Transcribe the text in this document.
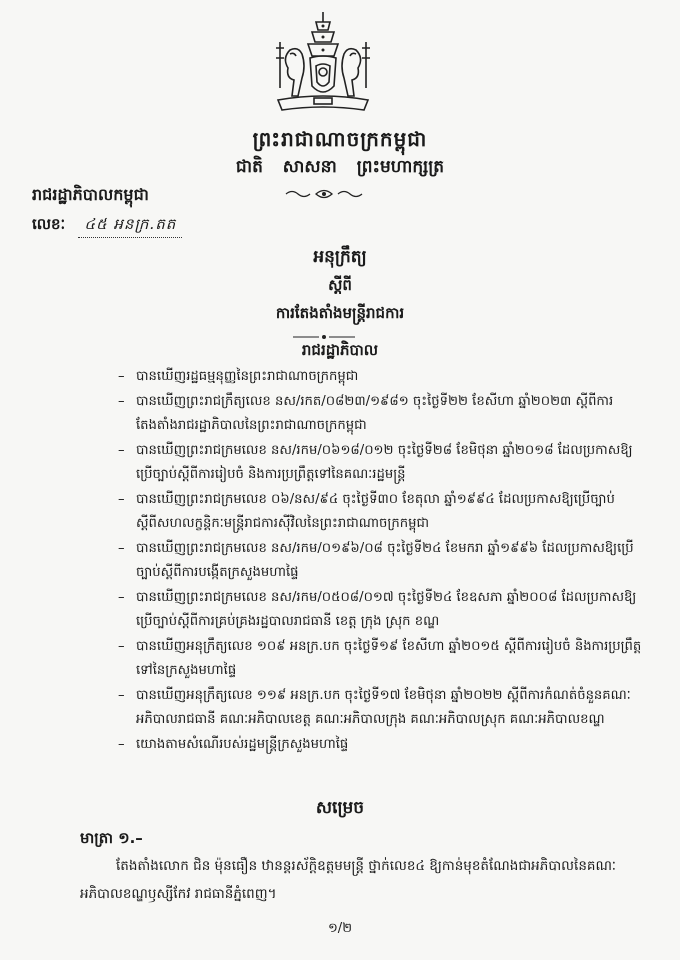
ព្រះរាជាណាចក្រកម្ពុជា
ជាតិ សាសនា ព្រះមហាក្សត្រ
រាជរដ្ឋាភិបាលកម្ពុជា
លេខៈ ៤៥ អនក្រ.តត
អនុក្រឹត្យ
ស្តីពី
ការតែងតាំងមន្ត្រីរាជការ
រាជរដ្ឋាភិបាល
– បានឃើញរដ្ឋធម្មនុញ្ញនៃព្រះរាជាណាចក្រកម្ពុជា
– បានឃើញព្រះរាជក្រឹត្យលេខ នស/រកត/០៨២៣/១៩៨១ ចុះថ្ងៃទី២២ ខែសីហា ឆ្នាំ២០២៣ ស្តីពីការតែងតាំងរាជរដ្ឋាភិបាលនៃព្រះរាជាណាចក្រកម្ពុជា
– បានឃើញព្រះរាជក្រមលេខ នស/រកម/០៦១៨/០១២ ចុះថ្ងៃទី២៨ ខែមិថុនា ឆ្នាំ២០១៨ ដែលប្រកាសឱ្យប្រើច្បាប់ស្តីពីការរៀបចំ និងការប្រព្រឹត្តទៅនៃគណៈរដ្ឋមន្ត្រី
– បានឃើញព្រះរាជក្រមលេខ ០៦/នស/៩៤ ចុះថ្ងៃទី៣០ ខែតុលា ឆ្នាំ១៩៩៤ ដែលប្រកាសឱ្យប្រើច្បាប់ស្តីពីសហលក្ខន្តិកៈមន្ត្រីរាជការស៊ីវិលនៃព្រះរាជាណាចក្រកម្ពុជា
– បានឃើញព្រះរាជក្រមលេខ នស/រកម/០១៩៦/០៨ ចុះថ្ងៃទី២៤ ខែមករា ឆ្នាំ១៩៩៦ ដែលប្រកាសឱ្យប្រើច្បាប់ស្តីពីការបង្កើតក្រសួងមហាផ្ទៃ
– បានឃើញព្រះរាជក្រមលេខ នស/រកម/០៥០៨/០១៧ ចុះថ្ងៃទី២៤ ខែឧសភា ឆ្នាំ២០០៨ ដែលប្រកាសឱ្យប្រើច្បាប់ស្តីពីការគ្រប់គ្រងរដ្ឋបាលរាជធានី ខេត្ត ក្រុង ស្រុក ខណ្ឌ
– បានឃើញអនុក្រឹត្យលេខ ១០៩ អនក្រ.បក ចុះថ្ងៃទី១៩ ខែសីហា ឆ្នាំ២០១៥ ស្តីពីការរៀបចំ និងការប្រព្រឹត្តទៅនៃក្រសួងមហាផ្ទៃ
– បានឃើញអនុក្រឹត្យលេខ ១១៩ អនក្រ.បក ចុះថ្ងៃទី១៧ ខែមិថុនា ឆ្នាំ២០២២ ស្តីពីការកំណត់ចំនួនគណៈអភិបាលរាជធានី គណៈអភិបាលខេត្ត គណៈអភិបាលក្រុង គណៈអភិបាលស្រុក គណៈអភិបាលខណ្ឌ
– យោងតាមសំណើរបស់រដ្ឋមន្ត្រីក្រសួងមហាផ្ទៃ
សម្រេច
មាត្រា ១.–
តែងតាំងលោក ជិន ម៉ុនធឿន ឋានន្តរស័ក្តិឧត្តមមន្ត្រី ថ្នាក់លេខ៤ ឱ្យកាន់មុខតំណែងជាអភិបាលនៃគណៈអភិបាលខណ្ឌឫស្សីកែវ រាជធានីភ្នំពេញ។
១/២
